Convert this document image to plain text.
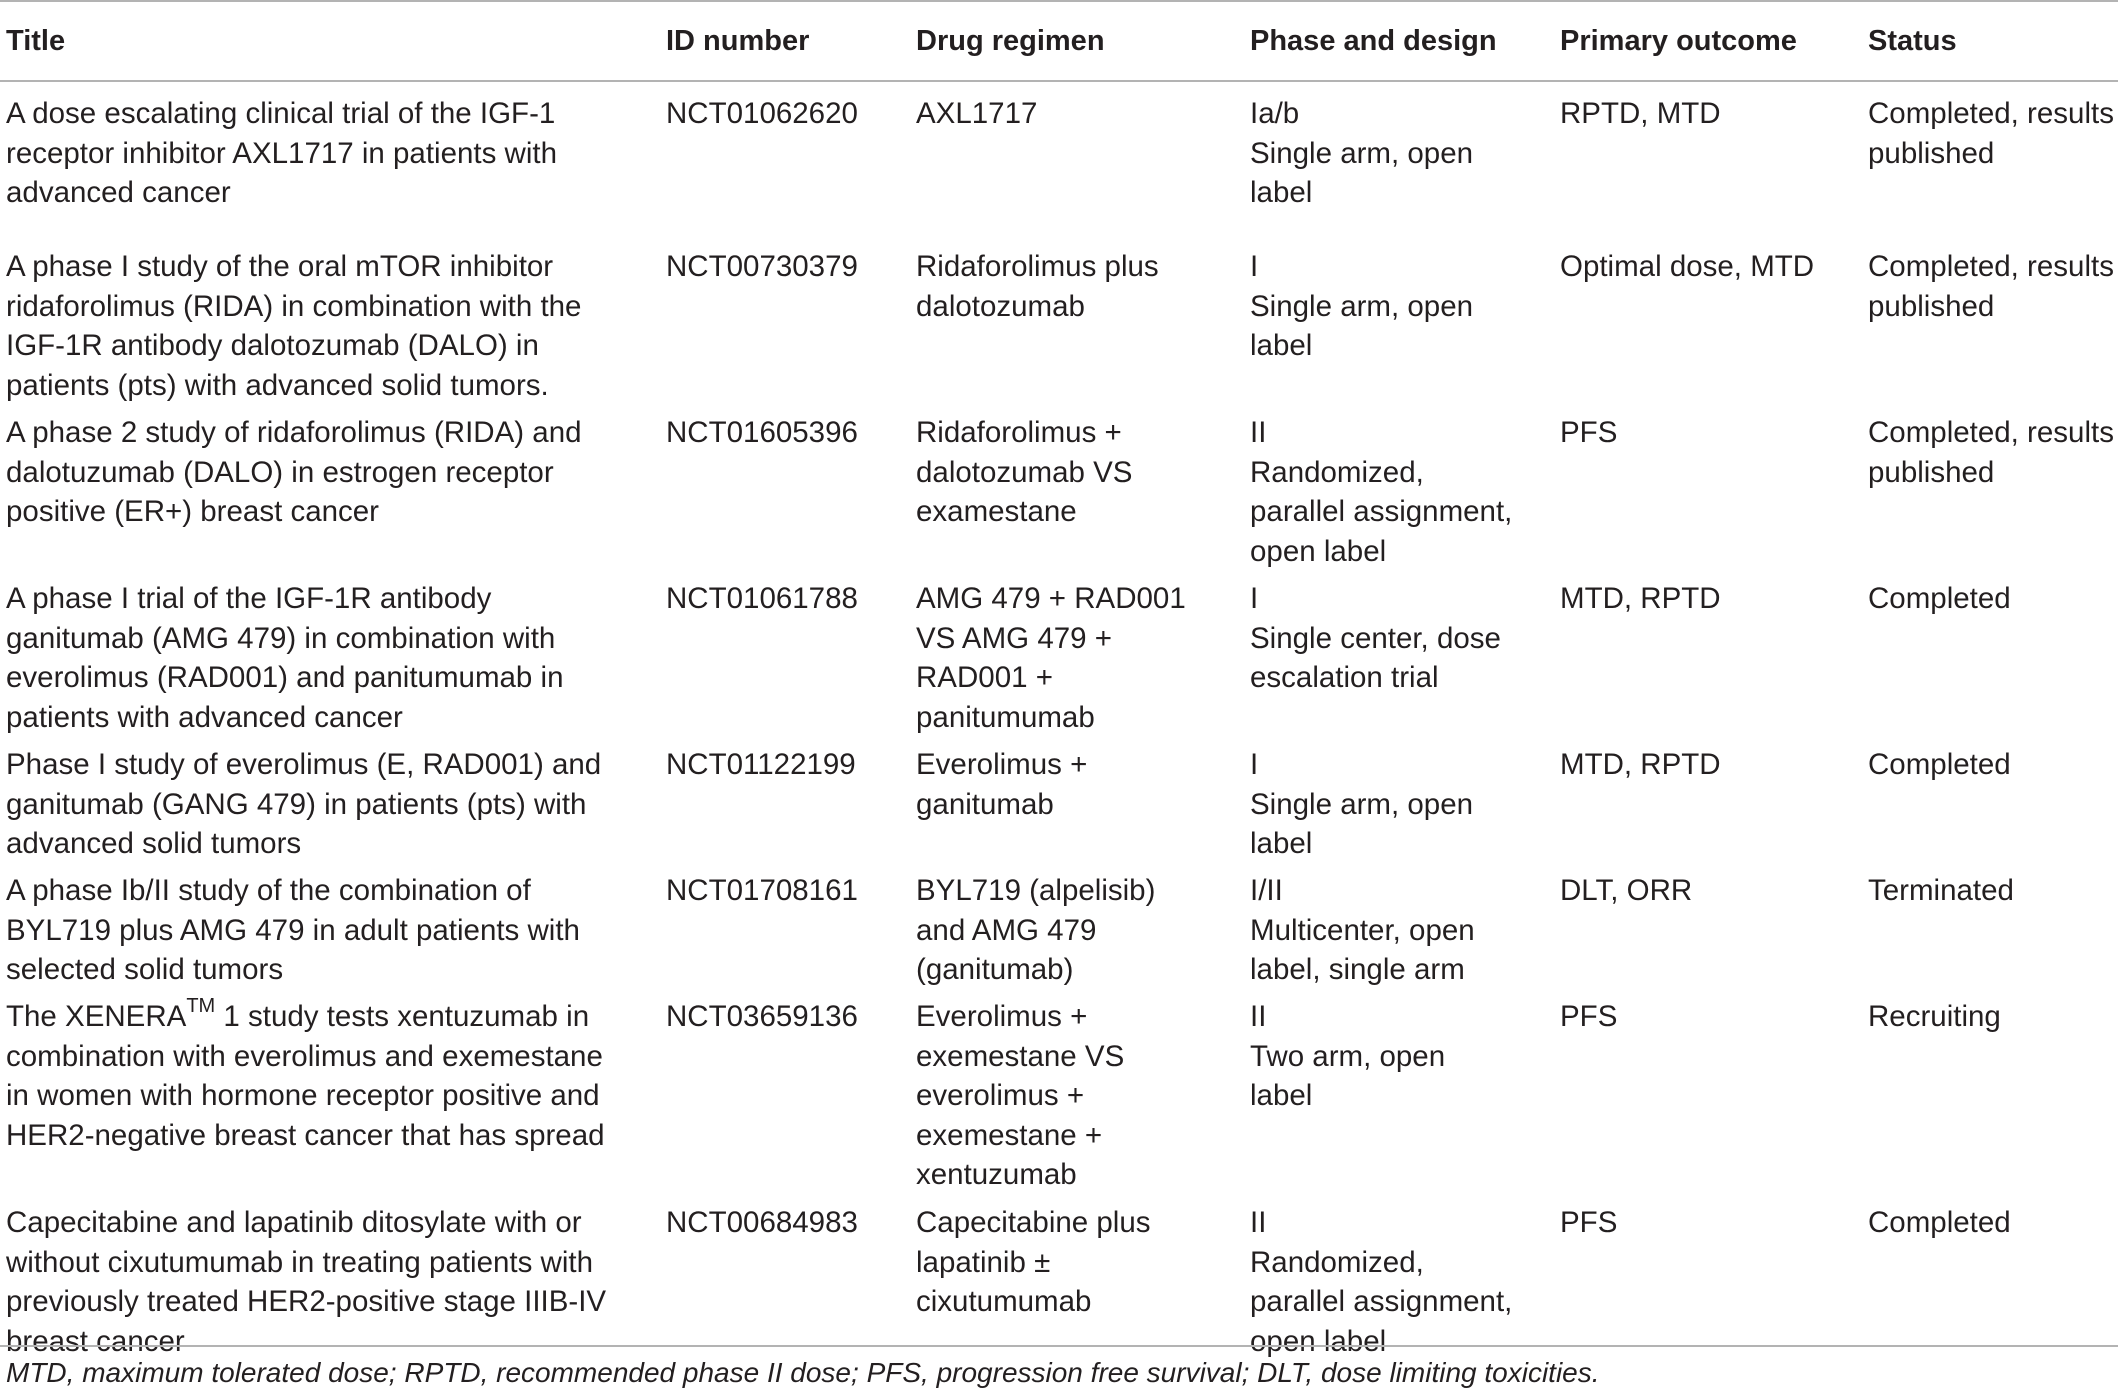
Title	ID number	Drug regimen	Phase and design	Primary outcome	Status

A dose escalating clinical trial of the IGF-1
receptor inhibitor AXL1717 in patients with
advanced cancer	NCT01062620	AXL1717	Ia/b
Single arm, open
label	RPTD, MTD	Completed, results
published

A phase I study of the oral mTOR inhibitor
ridaforolimus (RIDA) in combination with the
IGF-1R antibody dalotozumab (DALO) in
patients (pts) with advanced solid tumors.	NCT00730379	Ridaforolimus plus
dalotozumab	I
Single arm, open
label	Optimal dose, MTD	Completed, results
published

A phase 2 study of ridaforolimus (RIDA) and
dalotuzumab (DALO) in estrogen receptor
positive (ER+) breast cancer	NCT01605396	Ridaforolimus +
dalotozumab VS
examestane	II
Randomized,
parallel assignment,
open label	PFS	Completed, results
published

A phase I trial of the IGF-1R antibody
ganitumab (AMG 479) in combination with
everolimus (RAD001) and panitumumab in
patients with advanced cancer	NCT01061788	AMG 479 + RAD001
VS AMG 479 +
RAD001 +
panitumumab	I
Single center, dose
escalation trial	MTD, RPTD	Completed

Phase I study of everolimus (E, RAD001) and
ganitumab (GANG 479) in patients (pts) with
advanced solid tumors	NCT01122199	Everolimus +
ganitumab	I
Single arm, open
label	MTD, RPTD	Completed

A phase Ib/II study of the combination of
BYL719 plus AMG 479 in adult patients with
selected solid tumors	NCT01708161	BYL719 (alpelisib)
and AMG 479
(ganitumab)	I/II
Multicenter, open
label, single arm	DLT, ORR	Terminated

The XENERA™ 1 study tests xentuzumab in
combination with everolimus and exemestane
in women with hormone receptor positive and
HER2-negative breast cancer that has spread	NCT03659136	Everolimus +
exemestane VS
everolimus +
exemestane +
xentuzumab	II
Two arm, open
label	PFS	Recruiting

Capecitabine and lapatinib ditosylate with or
without cixutumumab in treating patients with
previously treated HER2-positive stage IIIB-IV
breast cancer	NCT00684983	Capecitabine plus
lapatinib ±
cixutumumab	II
Randomized,
parallel assignment,
open label	PFS	Completed
MTD, maximum tolerated dose; RPTD, recommended phase II dose; PFS, progression free survival; DLT, dose limiting toxicities.
